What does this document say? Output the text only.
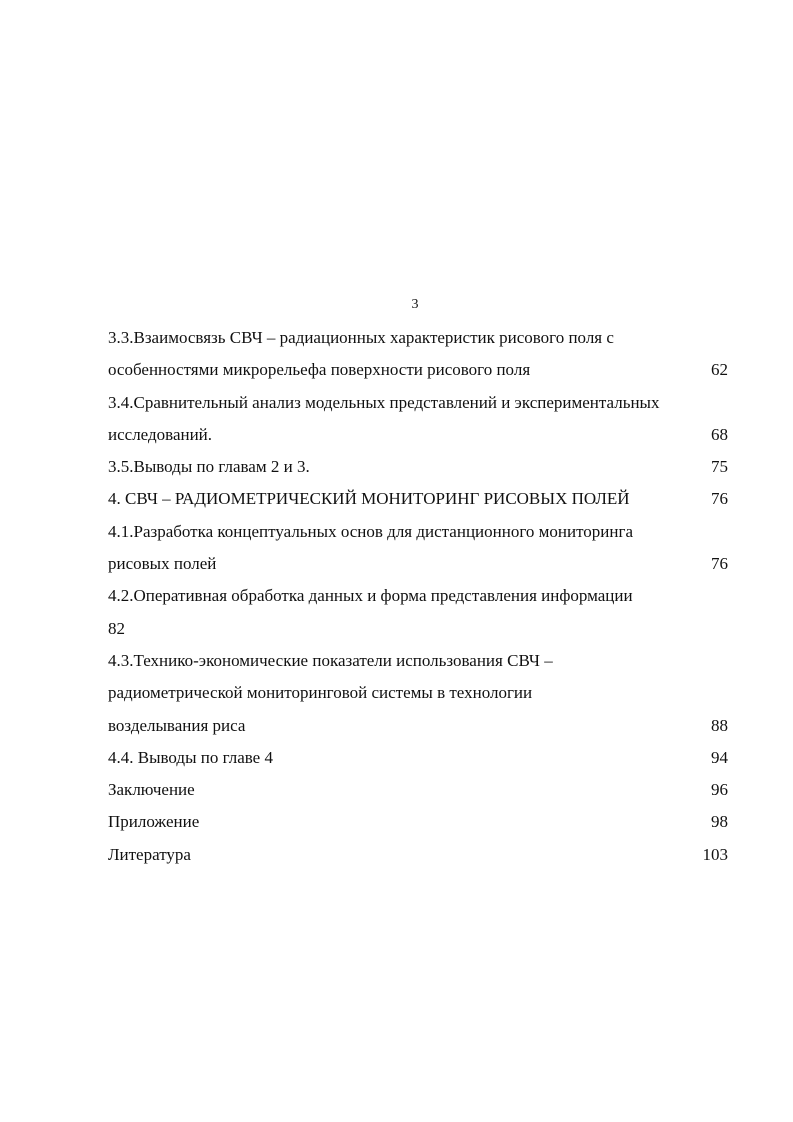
3
3.3.Взаимосвязь СВЧ – радиационных характеристик рисового поля с
особенностями микрорельефа поверхности рисового поля	62
3.4.Сравнительный анализ модельных представлений и экспериментальных
исследований.	68
3.5.Выводы по главам 2 и 3.	75
4. СВЧ – РАДИОМЕТРИЧЕСКИЙ МОНИТОРИНГ РИСОВЫХ ПОЛЕЙ	76
4.1.Разработка концептуальных основ для дистанционного мониторинга
рисовых полей	76
4.2.Оперативная обработка данных и форма представления информации
82
4.3.Технико-экономические показатели использования СВЧ –
радиометрической мониторинговой системы в технологии
возделывания риса	88
4.4. Выводы по главе 4	94
Заключение	96
Приложение	98
Литература	103
